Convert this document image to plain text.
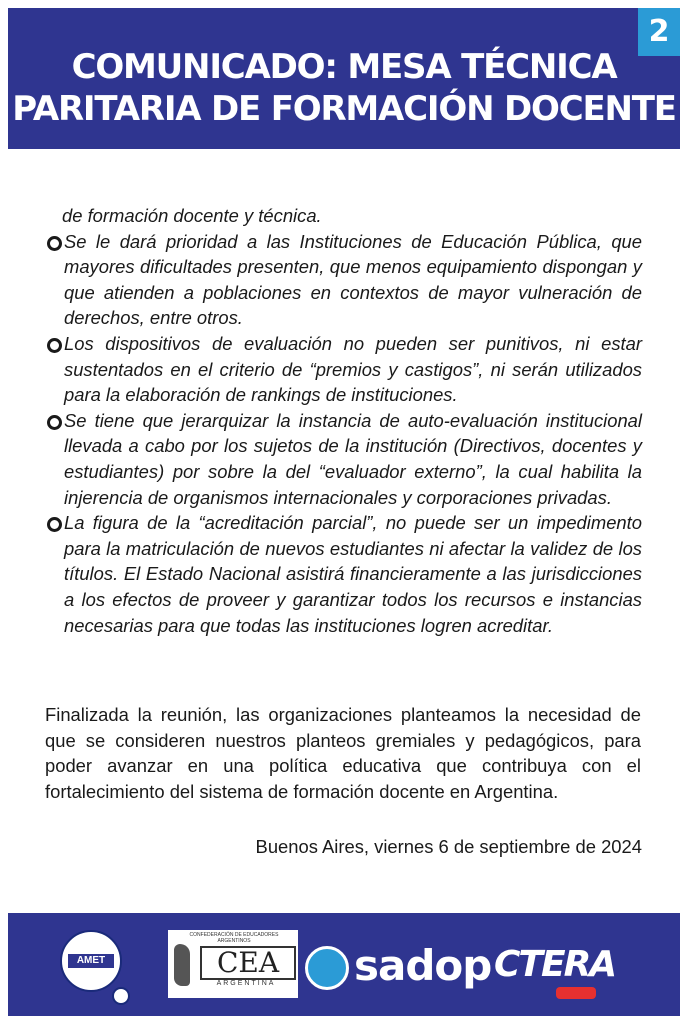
2
COMUNICADO: MESA TÉCNICA
PARITARIA DE FORMACIÓN DOCENTE

de formación docente y técnica.

Se le dará prioridad a las Instituciones de Educación Pública, que mayores dificultades presenten, que menos equipamiento dispongan y que atienden a poblaciones en contextos de mayor vulneración de derechos, entre otros.

Los dispositivos de evaluación no pueden ser punitivos, ni estar sustentados en el criterio de “premios y castigos”, ni serán utilizados para la elaboración de rankings de instituciones.

Se tiene que jerarquizar la instancia de auto-evaluación institucional llevada a cabo por los sujetos de la institución (Directivos, docentes y estudiantes) por sobre la del “evaluador externo”, la cual habilita la injerencia de organismos internacionales y corporaciones privadas.

La figura de la “acreditación parcial”, no puede ser un impedimento para la matriculación de nuevos estudiantes ni afectar la validez de los títulos. El Estado Nacional asistirá financieramente a las jurisdicciones a los efectos de proveer y garantizar todos los recursos e instancias necesarias para que todas las instituciones logren acreditar.

Finalizada la reunión, las organizaciones planteamos la necesidad de que se consideren nuestros planteos gremiales y pedagógicos, para poder avanzar en una política educativa que contribuya con el fortalecimiento del sistema de formación docente en Argentina.

Buenos Aires, viernes 6 de septiembre de 2024

AMET
CONFEDERACIÓN DE EDUCADORES ARGENTINOS
CEA
ARGENTINA	sadop CTERA
